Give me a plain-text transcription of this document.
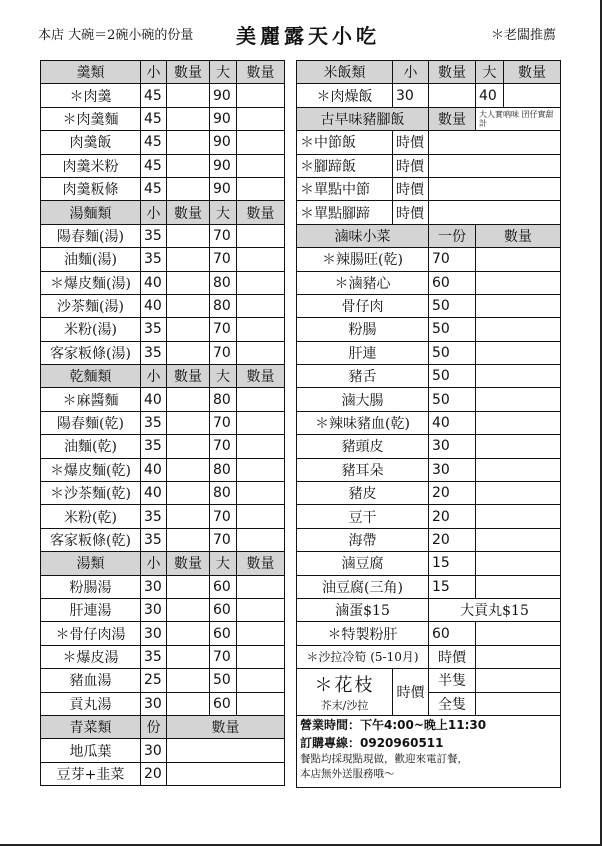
本店 大碗＝2碗小碗的份量 美麗露天小吃	＊老闆推薦
羹類	小	數量	大	數量
＊肉羹	45		90	
＊肉羹麵	45		90	
肉羹飯	45		90	
肉羹米粉	45		90	
肉羹粄條	45		90	
湯麵類	小	數量	大	數量
陽春麵(湯)	35		70	
油麵(湯)	35		70	
＊爆皮麵(湯)	40		80	
沙茶麵(湯)	40		80	
米粉(湯)	35		70	
客家粄條(湯)	35		70	
乾麵類	小	數量	大	數量
＊麻醬麵	40		80	
陽春麵(乾)	35		70	
油麵(乾)	35		70	
＊爆皮麵(乾)	40		80	
＊沙茶麵(乾)	40		80	
米粉(乾)	35		70	
客家粄條(乾)	35		70	
湯類	小	數量	大	數量
粉腸湯	30		60	
肝連湯	30		60	
＊骨仔肉湯	30		60	
＊爆皮湯	35		70	
豬血湯	25		50	
貢丸湯	30		60	
青菜類	份	數量		
地瓜葉	30			
豆芽+韭菜	20			
米飯類	小	數量	大	數量
＊肉燥飯	30		40	
古早味豬腳飯		數量	大人實吶味 囝仔實甜計	

＊中節飯	時價			
＊腳蹄飯	時價			
＊單點中節	時價			
＊單點腳蹄	時價			
滷味小菜		一份	數量	
＊辣腸旺(乾)		70		
＊滷豬心		60		
骨仔肉		50		
粉腸		50		
肝連		50		
豬舌		50		
滷大腸		50		
＊辣味豬血(乾)		40		
豬頭皮		30		
豬耳朵		30		
豬皮		20		
豆干		20		
海帶		20		
滷豆腐		15		
油豆腐(三角)		15		
滷蛋$15		大貢丸$15		
＊特製粉肝		60		
＊沙拉冷筍 (5-10月)		時價		

＊花枝
芥末/沙拉	時價	半隻		
		全隻		

營業時間：下午4:00~晚上11:30
訂購專線：0920960511
餐點均採現點現做，歡迎來電訂餐，
本店無外送服務哦～				
